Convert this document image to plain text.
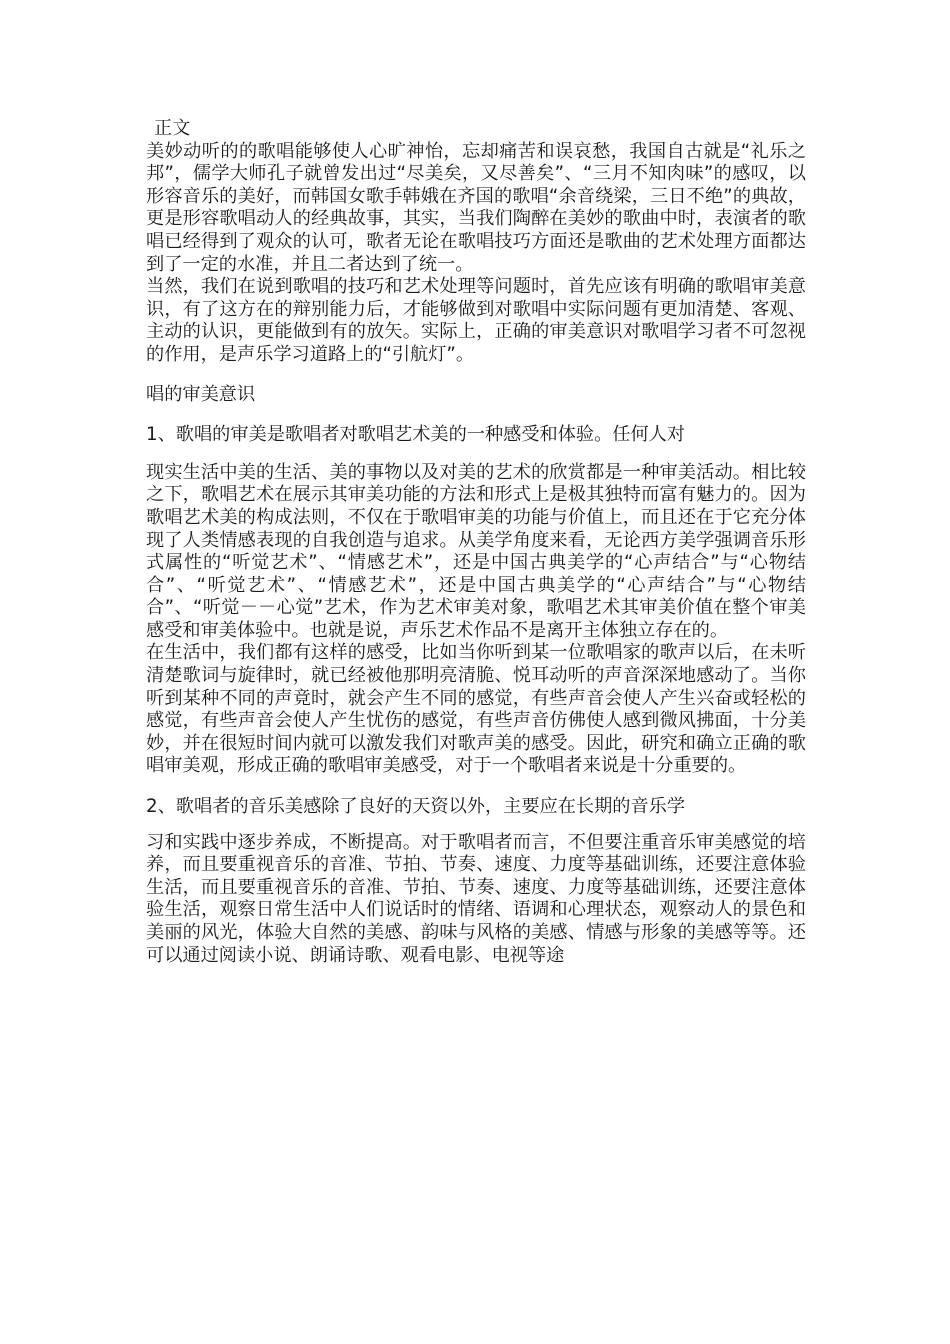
正文

美妙动听的的歌唱能够使人心旷神怡，忘却痛苦和误哀愁，我国自古就是“礼乐之邦”，儒学大师孔子就曾发出过“尽美矣，又尽善矣”、“三月不知肉味”的感叹，以形容音乐的美好，而韩国女歌手韩娥在齐国的歌唱“余音绕梁，三日不绝”的典故，更是形容歌唱动人的经典故事，其实，当我们陶醉在美妙的歌曲中时，表演者的歌唱已经得到了观众的认可，歌者无论在歌唱技巧方面还是歌曲的艺术处理方面都达到了一定的水准，并且二者达到了统一。

当然，我们在说到歌唱的技巧和艺术处理等问题时，首先应该有明确的歌唱审美意识，有了这方在的辩别能力后，才能够做到对歌唱中实际问题有更加清楚、客观、主动的认识，更能做到有的放矢。实际上，正确的审美意识对歌唱学习者不可忽视的作用，是声乐学习道路上的“引航灯”。

唱的审美意识

1、歌唱的审美是歌唱者对歌唱艺术美的一种感受和体验。任何人对

现实生活中美的生活、美的事物以及对美的艺术的欣赏都是一种审美活动。相比较之下，歌唱艺术在展示其审美功能的方法和形式上是极其独特而富有魅力的。因为歌唱艺术美的构成法则，不仅在于歌唱审美的功能与价值上，而且还在于它充分体现了人类情感表现的自我创造与追求。从美学角度来看，无论西方美学强调音乐形式属性的“听觉艺术”、“情感艺术”，还是中国古典美学的“心声结合”与“心物结合”、“听觉艺术”、“情感艺术”，还是中国古典美学的“心声结合”与“心物结合”、“听觉－－心觉”艺术，作为艺术审美对象，歌唱艺术其审美价值在整个审美感受和审美体验中。也就是说，声乐艺术作品不是离开主体独立存在的。

在生活中，我们都有这样的感受，比如当你听到某一位歌唱家的歌声以后，在未听清楚歌词与旋律时，就已经被他那明亮清脆、悦耳动听的声音深深地感动了。当你听到某种不同的声竟时，就会产生不同的感觉，有些声音会使人产生兴奋或轻松的感觉，有些声音会使人产生忧伤的感觉，有些声音仿佛使人感到微风拂面，十分美妙，并在很短时间内就可以激发我们对歌声美的感受。因此，研究和确立正确的歌唱审美观，形成正确的歌唱审美感受，对于一个歌唱者来说是十分重要的。

2、歌唱者的音乐美感除了良好的天资以外，主要应在长期的音乐学

习和实践中逐步养成，不断提高。对于歌唱者而言，不但要注重音乐审美感觉的培养，而且要重视音乐的音准、节拍、节奏、速度、力度等基础训练，还要注意体验生活，而且要重视音乐的音准、节拍、节奏、速度、力度等基础训练，还要注意体验生活，观察日常生活中人们说话时的情绪、语调和心理状态，观察动人的景色和美丽的风光，体验大自然的美感、韵味与风格的美感、情感与形象的美感等等。还可以通过阅读小说、朗诵诗歌、观看电影、电视等途
